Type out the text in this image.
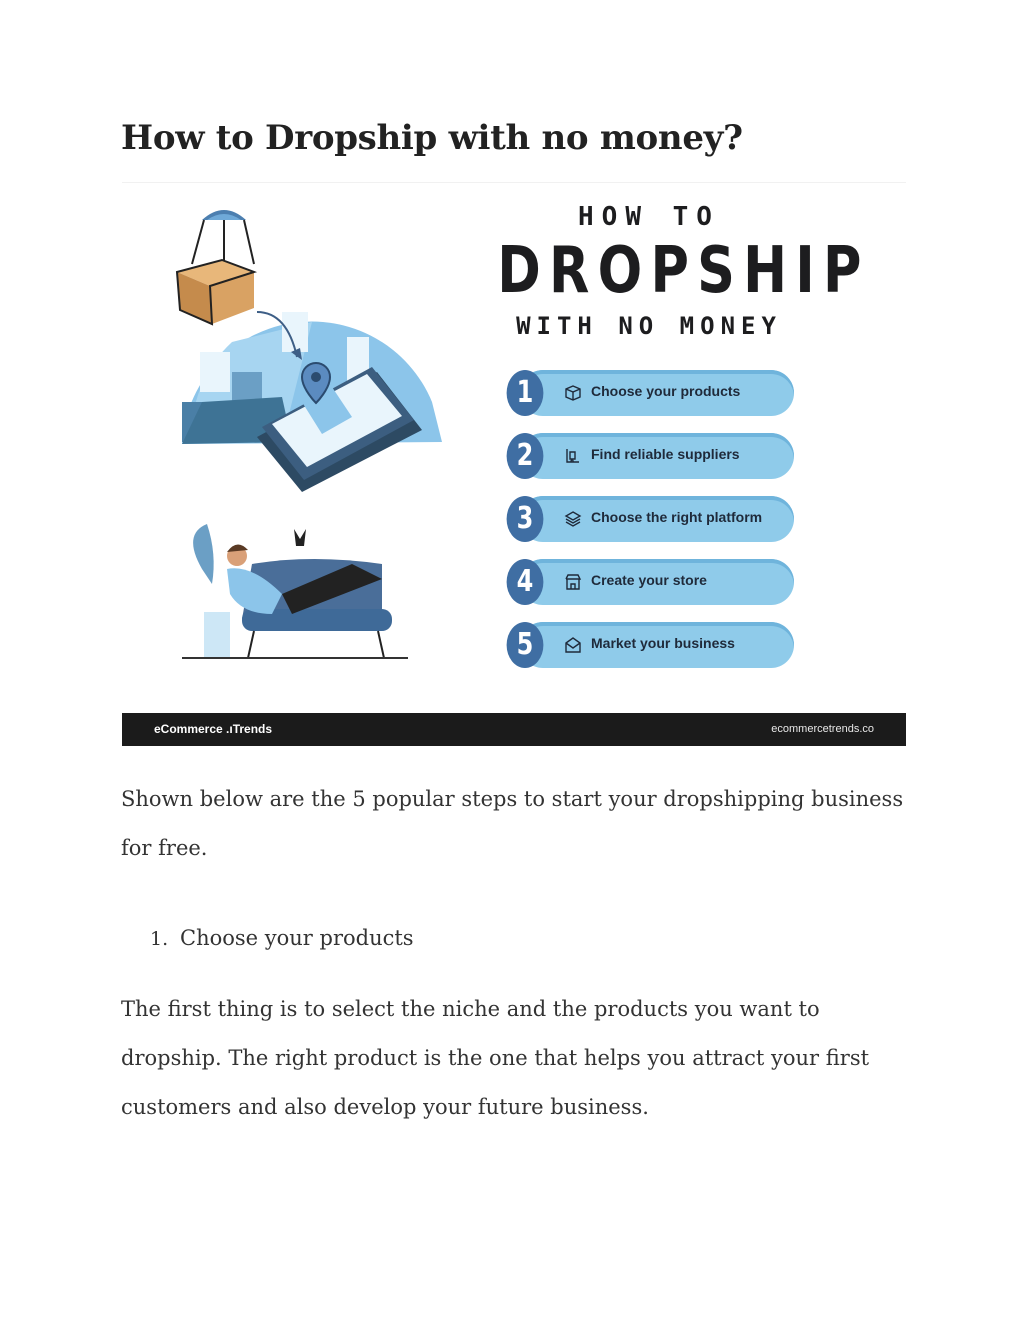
How to Dropship with no money?
HOW TO
DROPSHIP
WITH NO MONEY
1	Choose your products
2	Find reliable suppliers
3	Choose the right platform
4	Create your store
5	Market your business
eCommerce .ıTrends	ecommercetrends.co

Shown below are the 5 popular steps to start your dropshipping business for free.

1. Choose your products

The first thing is to select the niche and the products you want to dropship. The right product is the one that helps you attract your first customers and also develop your future business.
